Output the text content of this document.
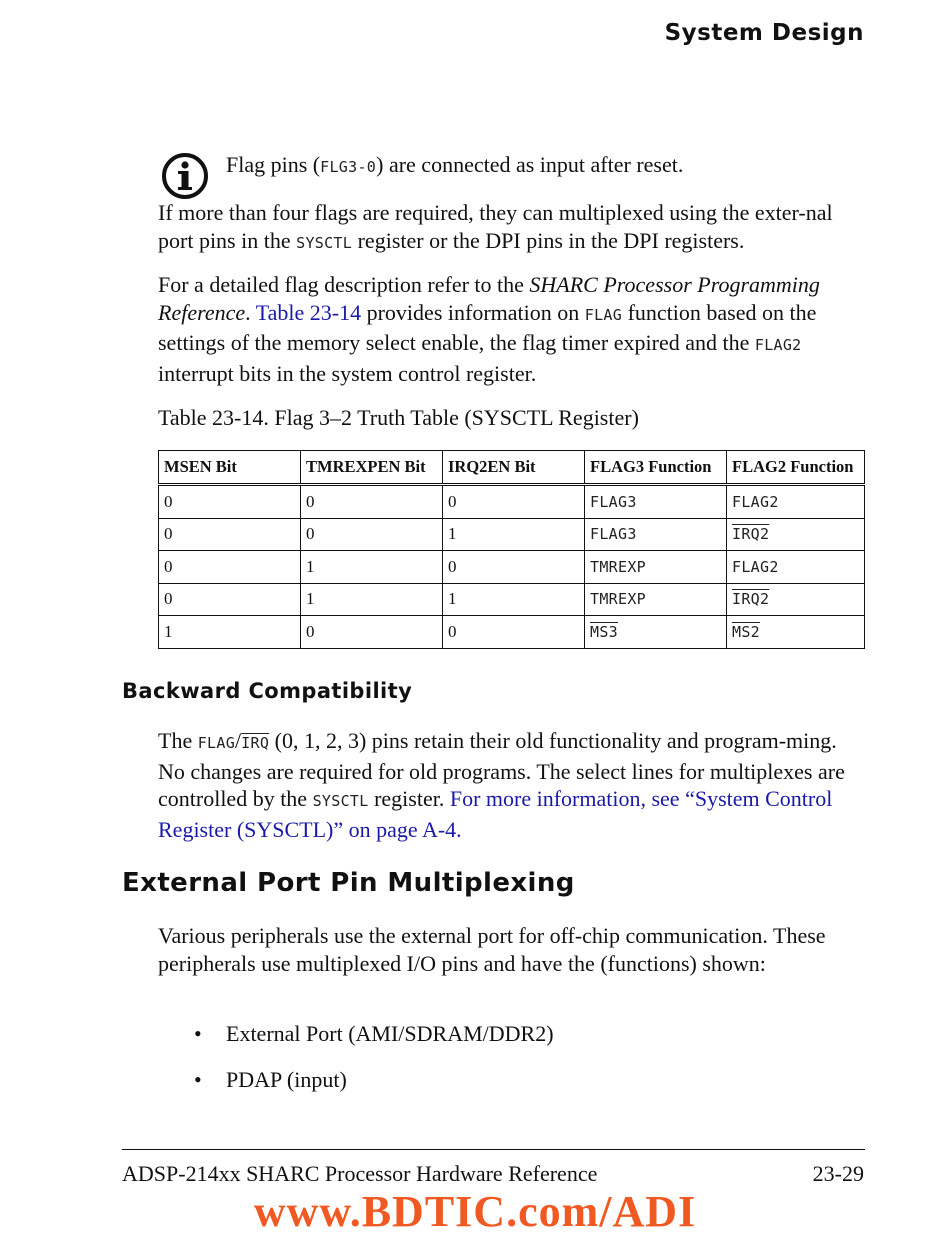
System Design
Flag pins (FLG3-0) are connected as input after reset.
If more than four flags are required, they can multiplexed using the exter-nal port pins in the SYSCTL register or the DPI pins in the DPI registers.
For a detailed flag description refer to the SHARC Processor Programming Reference. Table 23-14 provides information on FLAG function based on the settings of the memory select enable, the flag timer expired and the FLAG2 interrupt bits in the system control register.
Table 23-14. Flag 3–2 Truth Table (SYSCTL Register)
MSEN Bit	TMREXPEN Bit	IRQ2EN Bit	FLAG3 Function	FLAG2 Function
0	0	0	FLAG3	FLAG2
0	0	1	FLAG3	IRQ2
0	1	0	TMREXP	FLAG2
0	1	1	TMREXP	IRQ2
1	0	0	MS3	MS2
Backward Compatibility
The FLAG/$\overline{IRQ}$ (0, 1, 2, 3) pins retain their old functionality and program-ming. No changes are required for old programs. The select lines for multiplexes are controlled by the SYSCTL register. For more information, see “System Control Register (SYSCTL)” on page A-4.
External Port Pin Multiplexing
Various peripherals use the external port for off-chip communication. These peripherals use multiplexed I/O pins and have the (functions) shown:
• External Port (AMI/SDRAM/DDR2)
• PDAP (input)
ADSP-214xx SHARC Processor Hardware Reference	23-29
www.BDTIC.com/ADI
